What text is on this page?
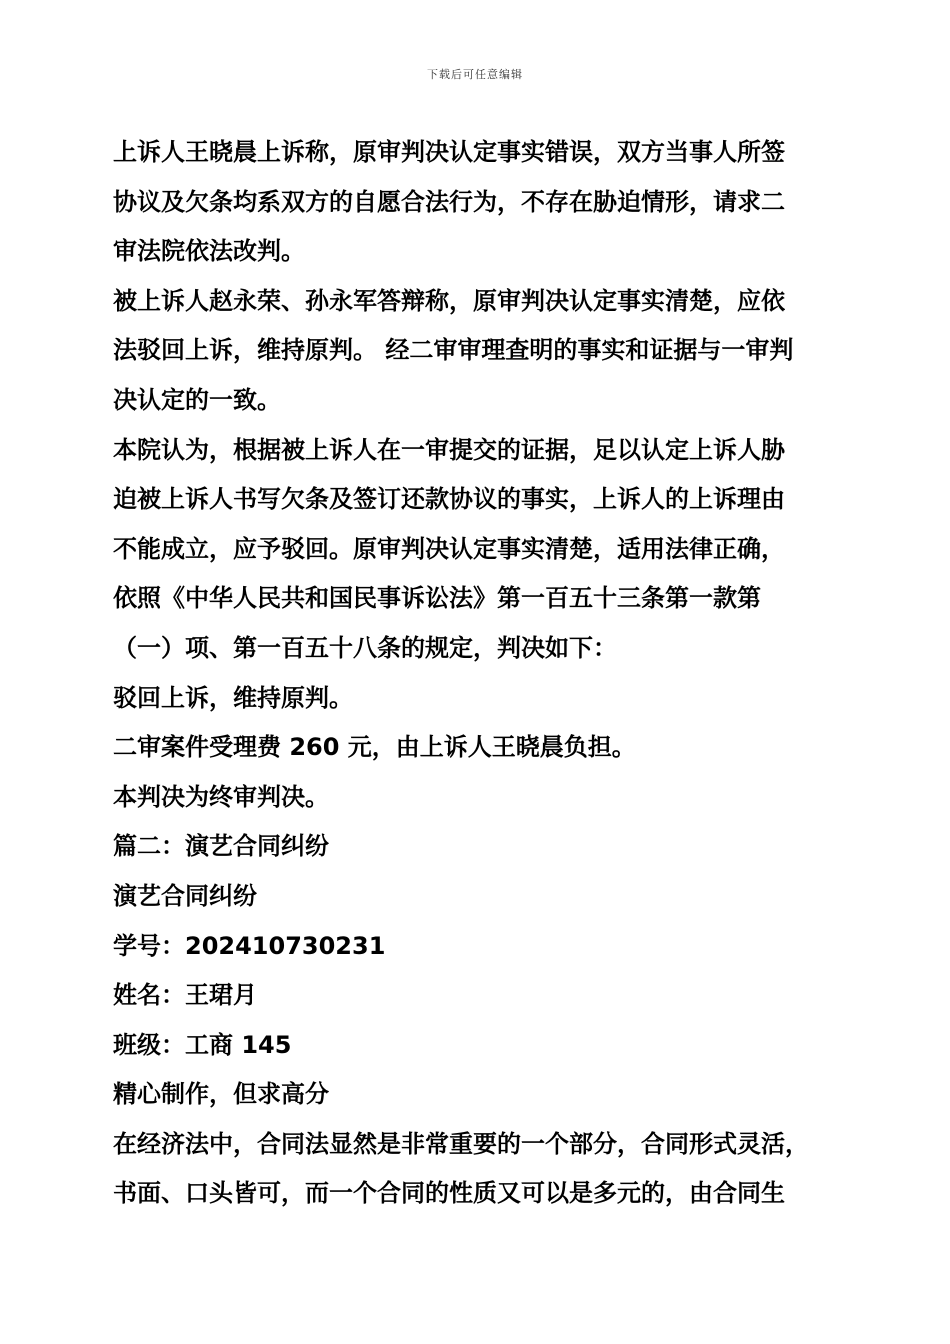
下载后可任意编辑
上诉人王晓晨上诉称，原审判决认定事实错误，双方当事人所签
协议及欠条均系双方的自愿合法行为，不存在胁迫情形，请求二
审法院依法改判。
被上诉人赵永荣、孙永军答辩称，原审判决认定事实清楚，应依
法驳回上诉，维持原判。 经二审审理查明的事实和证据与一审判
决认定的一致。
本院认为，根据被上诉人在一审提交的证据，足以认定上诉人胁
迫被上诉人书写欠条及签订还款协议的事实，上诉人的上诉理由
不能成立，应予驳回。原审判决认定事实清楚，适用法律正确，
依照《中华人民共和国民事诉讼法》第一百五十三条第一款第
（一）项、第一百五十八条的规定，判决如下：
驳回上诉，维持原判。
二审案件受理费 260 元，由上诉人王晓晨负担。
本判决为终审判决。
篇二：演艺合同纠纷
演艺合同纠纷
学号：202410730231
姓名：王珺月
班级：工商 145
精心制作，但求高分
在经济法中，合同法显然是非常重要的一个部分，合同形式灵活，
书面、口头皆可，而一个合同的性质又可以是多元的，由合同生
